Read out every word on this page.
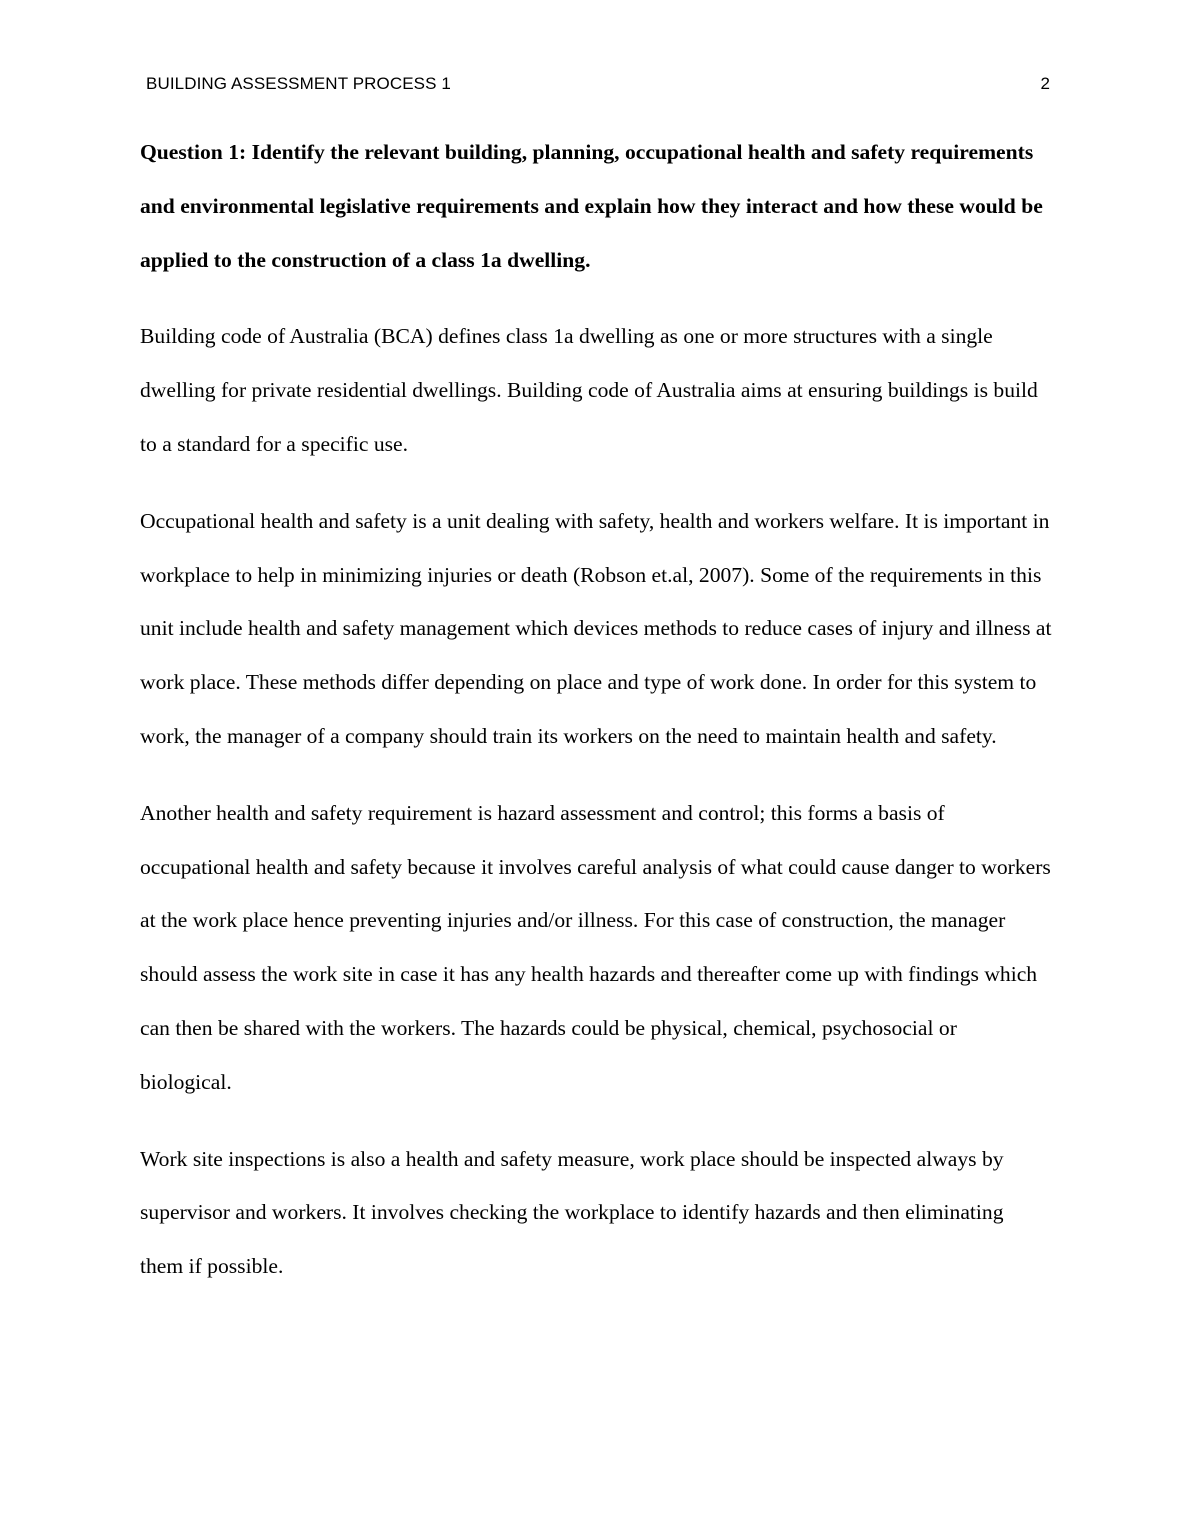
BUILDING ASSESSMENT PROCESS 1	2

Question 1: Identify the relevant building, planning, occupational health and safety requirements and environmental legislative requirements and explain how they interact and how these would be applied to the construction of a class 1a dwelling.

Building code of Australia (BCA) defines class 1a dwelling as one or more structures with a single dwelling for private residential dwellings. Building code of Australia aims at ensuring buildings is build to a standard for a specific use.

Occupational health and safety is a unit dealing with safety, health and workers welfare. It is important in workplace to help in minimizing injuries or death (Robson et.al, 2007). Some of the requirements in this unit include health and safety management which devices methods to reduce cases of injury and illness at work place. These methods differ depending on place and type of work done. In order for this system to work, the manager of a company should train its workers on the need to maintain health and safety.

Another health and safety requirement is hazard assessment and control; this forms a basis of occupational health and safety because it involves careful analysis of what could cause danger to workers at the work place hence preventing injuries and/or illness. For this case of construction, the manager should assess the work site in case it has any health hazards and thereafter come up with findings which can then be shared with the workers. The hazards could be physical, chemical, psychosocial or biological.

Work site inspections is also a health and safety measure, work place should be inspected always by supervisor and workers. It involves checking the workplace to identify hazards and then eliminating them if possible.
